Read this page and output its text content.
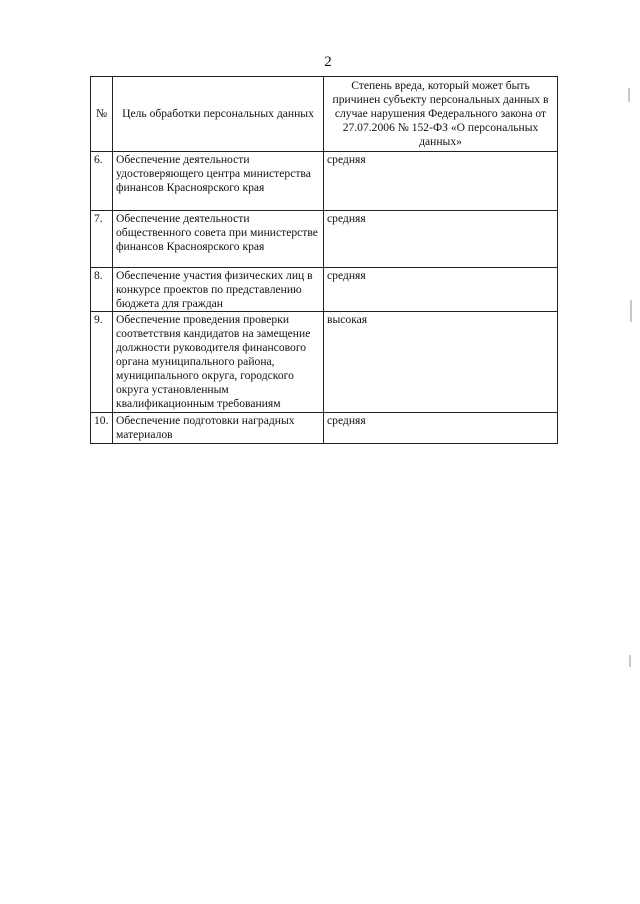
2
№	Цель обработки персональных данных	Степень вреда, который может быть причинен субъекту персональных данных в случае нарушения Федерального закона от 27.07.2006 № 152-ФЗ «О персональных данных»
6.	Обеспечение деятельности удостоверяющего центра министерства финансов Красноярского края	средняя
7.	Обеспечение деятельности общественного совета при министерстве финансов Красноярского края	средняя
8.	Обеспечение участия физических лиц в конкурсе проектов по представлению бюджета для граждан	средняя
9.	Обеспечение проведения проверки соответствия кандидатов на замещение должности руководителя финансового органа муниципального района, муниципального округа, городского округа установленным квалификационным требованиям	высокая
10.	Обеспечение подготовки наградных материалов	средняя
